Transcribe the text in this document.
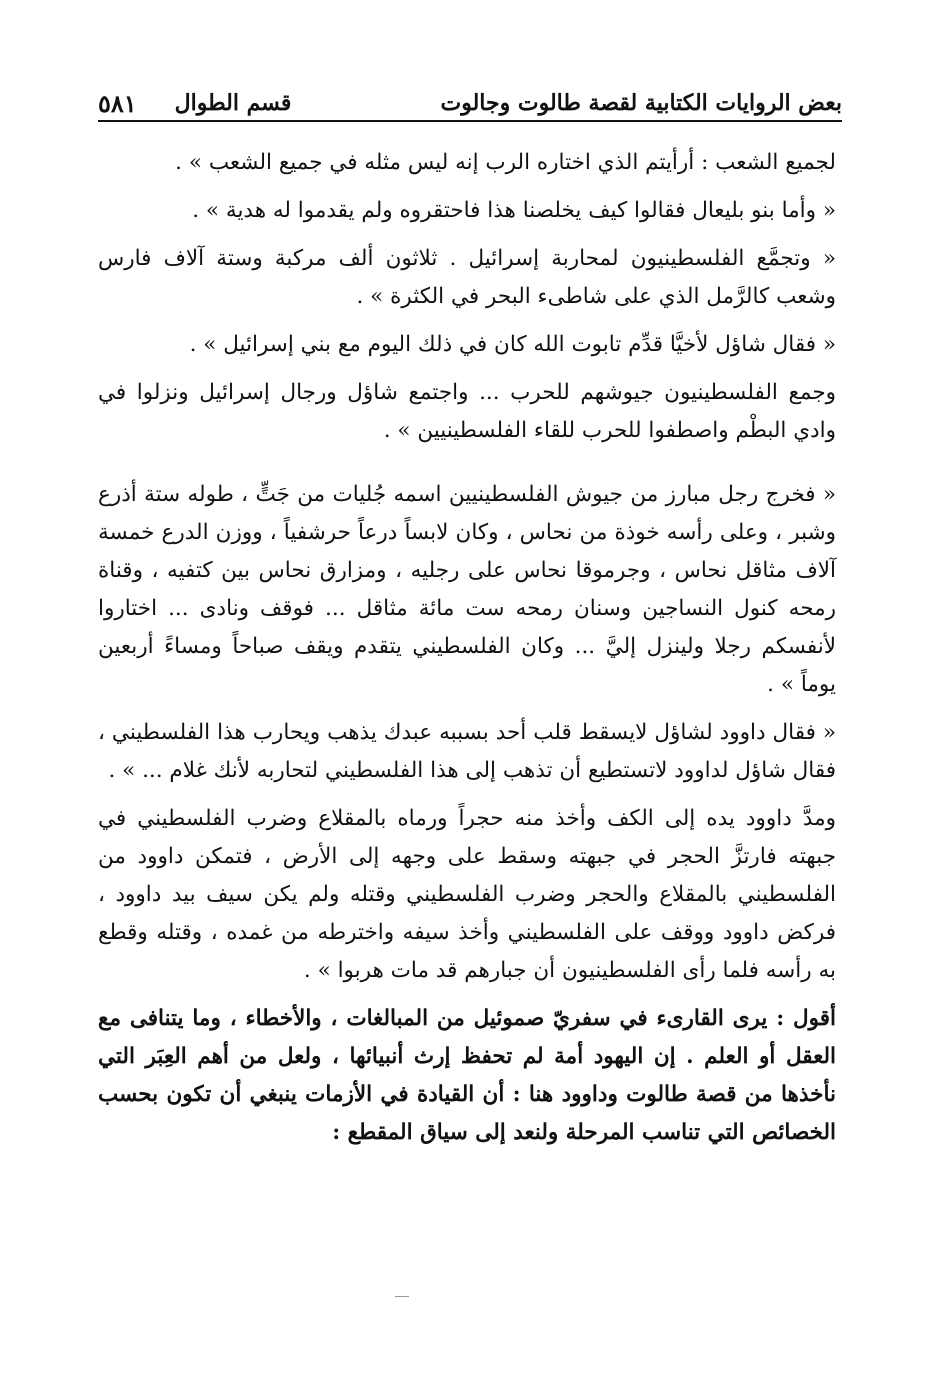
بعض الروايات الكتابية لقصة طالوت وجالوت
قسم الطوال
٥٨١

لجميع الشعب : أرأيتم الذي اختاره الرب إنه ليس مثله في جميع الشعب » .

« وأما بنو بليعال فقالوا كيف يخلصنا هذا فاحتقروه ولم يقدموا له هدية » .

« وتجمَّع الفلسطينيون لمحاربة إسرائيل . ثلاثون ألف مركبة وستة آلاف فارس وشعب كالرَّمل الذي على شاطىء البحر في الكثرة » .

« فقال شاؤل لأخيَّا قدِّم تابوت الله كان في ذلك اليوم مع بني إسرائيل » .

وجمع الفلسطينيون جيوشهم للحرب ... واجتمع شاؤل ورجال إسرائيل ونزلوا في وادي البطْم واصطفوا للحرب للقاء الفلسطينيين » .

« فخرج رجل مبارز من جيوش الفلسطينيين اسمه جُليات من جَتٍّ ، طوله ستة أذرع وشبر ، وعلى رأسه خوذة من نحاس ، وكان لابساً درعاً حرشفياً ، ووزن الدرع خمسة آلاف مثاقل نحاس ، وجرموقا نحاس على رجليه ، ومزارق نحاس بين كتفيه ، وقناة رمحه كنول النساجين وسنان رمحه ست مائة مثاقل ... فوقف ونادى ... اختاروا لأنفسكم رجلا ولينزل إليَّ ... وكان الفلسطيني يتقدم ويقف صباحاً ومساءً أربعين يوماً » .

« فقال داوود لشاؤل لايسقط قلب أحد بسببه عبدك يذهب ويحارب هذا الفلسطيني ، فقال شاؤل لداوود لاتستطيع أن تذهب إلى هذا الفلسطيني لتحاربه لأنك غلام ... » .

ومدَّ داوود يده إلى الكف وأخذ منه حجراً ورماه بالمقلاع وضرب الفلسطيني في جبهته فارتزَّ الحجر في جبهته وسقط على وجهه إلى الأرض ، فتمكن داوود من الفلسطيني بالمقلاع والحجر وضرب الفلسطيني وقتله ولم يكن سيف بيد داوود ، فركض داوود ووقف على الفلسطيني وأخذ سيفه واخترطه من غمده ، وقتله وقطع به رأسه فلما رأى الفلسطينيون أن جبارهم قد مات هربوا » .

أقول : يرى القارىء في سفريّ صموئيل من المبالغات ، والأخطاء ، وما يتنافى مع العقل أو العلم . إن اليهود أمة لم تحفظ إرث أنبيائها ، ولعل من أهم العِبَر التي نأخذها من قصة طالوت وداوود هنا : أن القيادة في الأزمات ينبغي أن تكون بحسب الخصائص التي تناسب المرحلة ولنعد إلى سياق المقطع :
